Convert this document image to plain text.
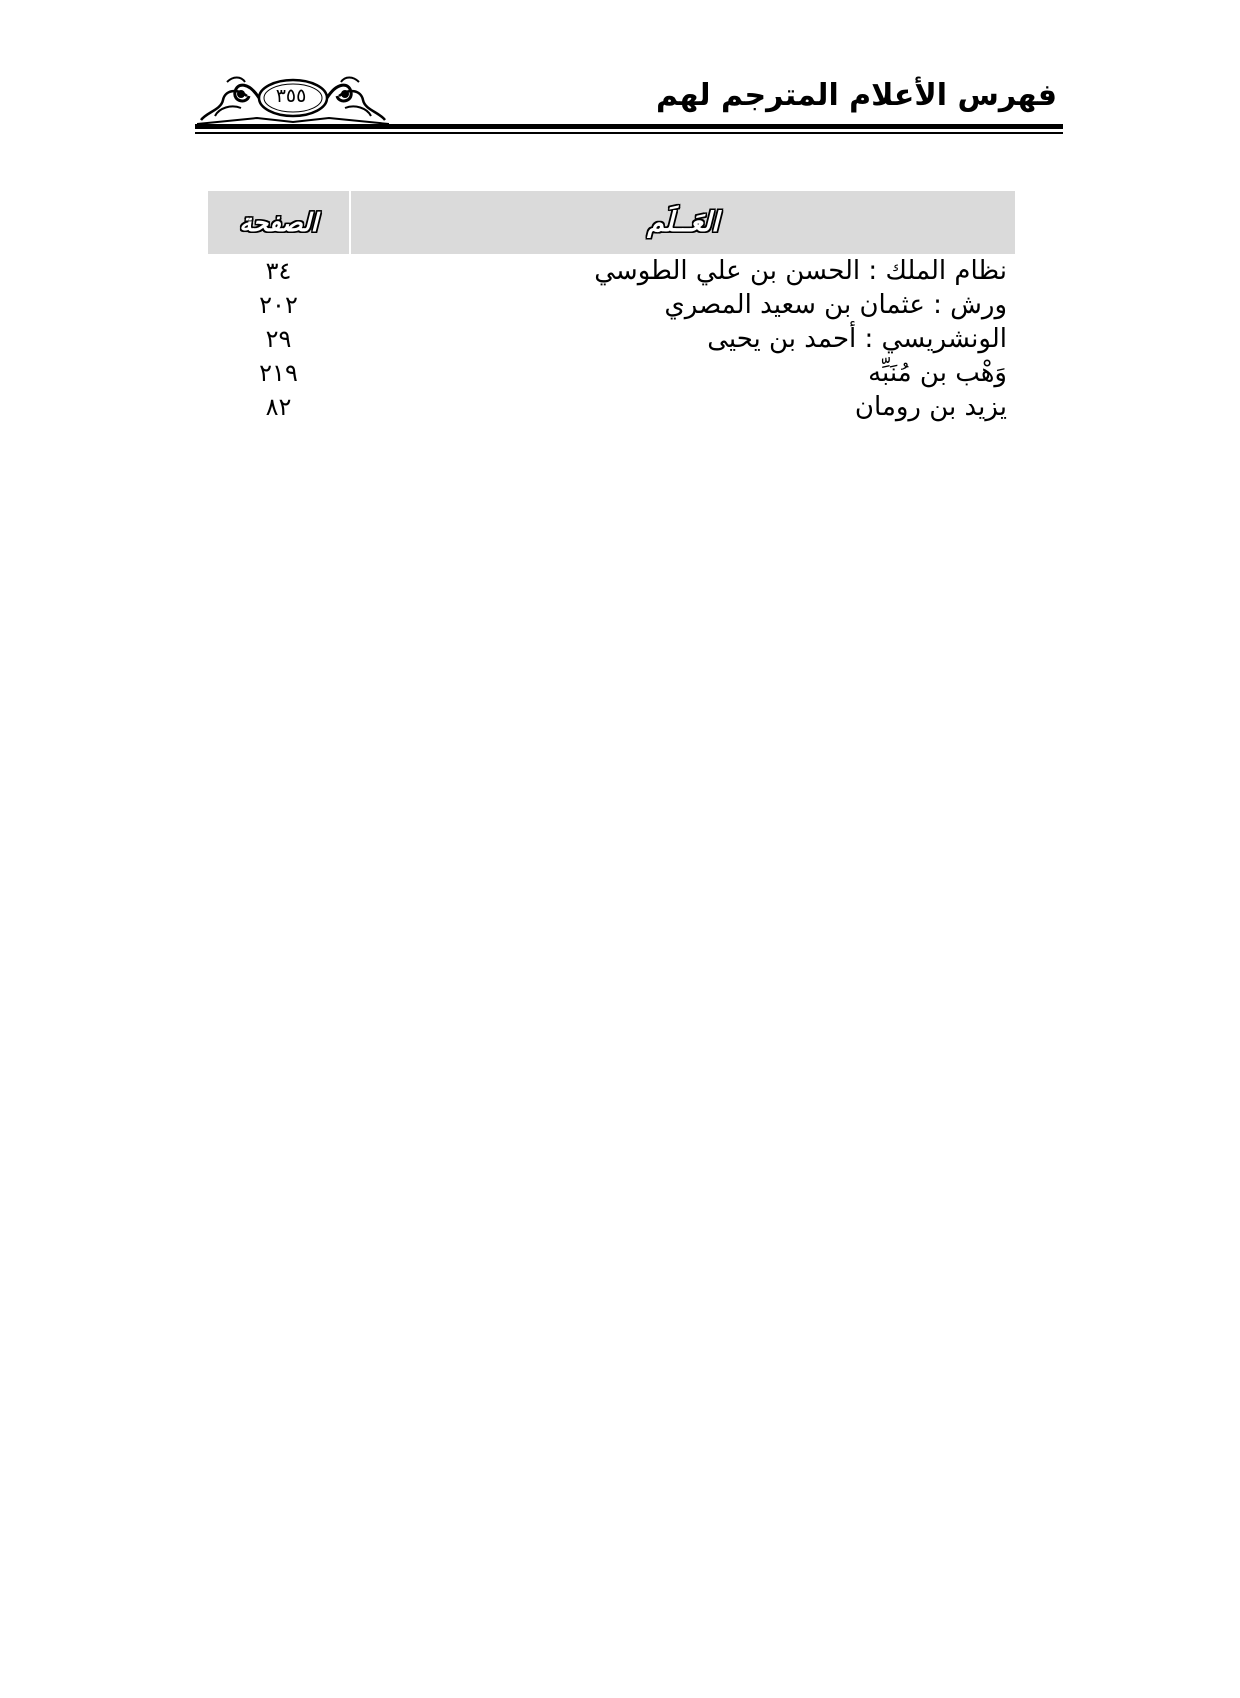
فهرس الأعلام المترجم لهم
٣٥٥
العَــلَم
الصفحة
نظام الملك : الحسن بن علي الطوسي
٣٤
ورش : عثمان بن سعيد المصري
٢٠٢
الونشريسي : أحمد بن يحيى
٢٩
وَهْب بن مُنَبِّه
٢١٩
يزيد بن رومان
٨٢
